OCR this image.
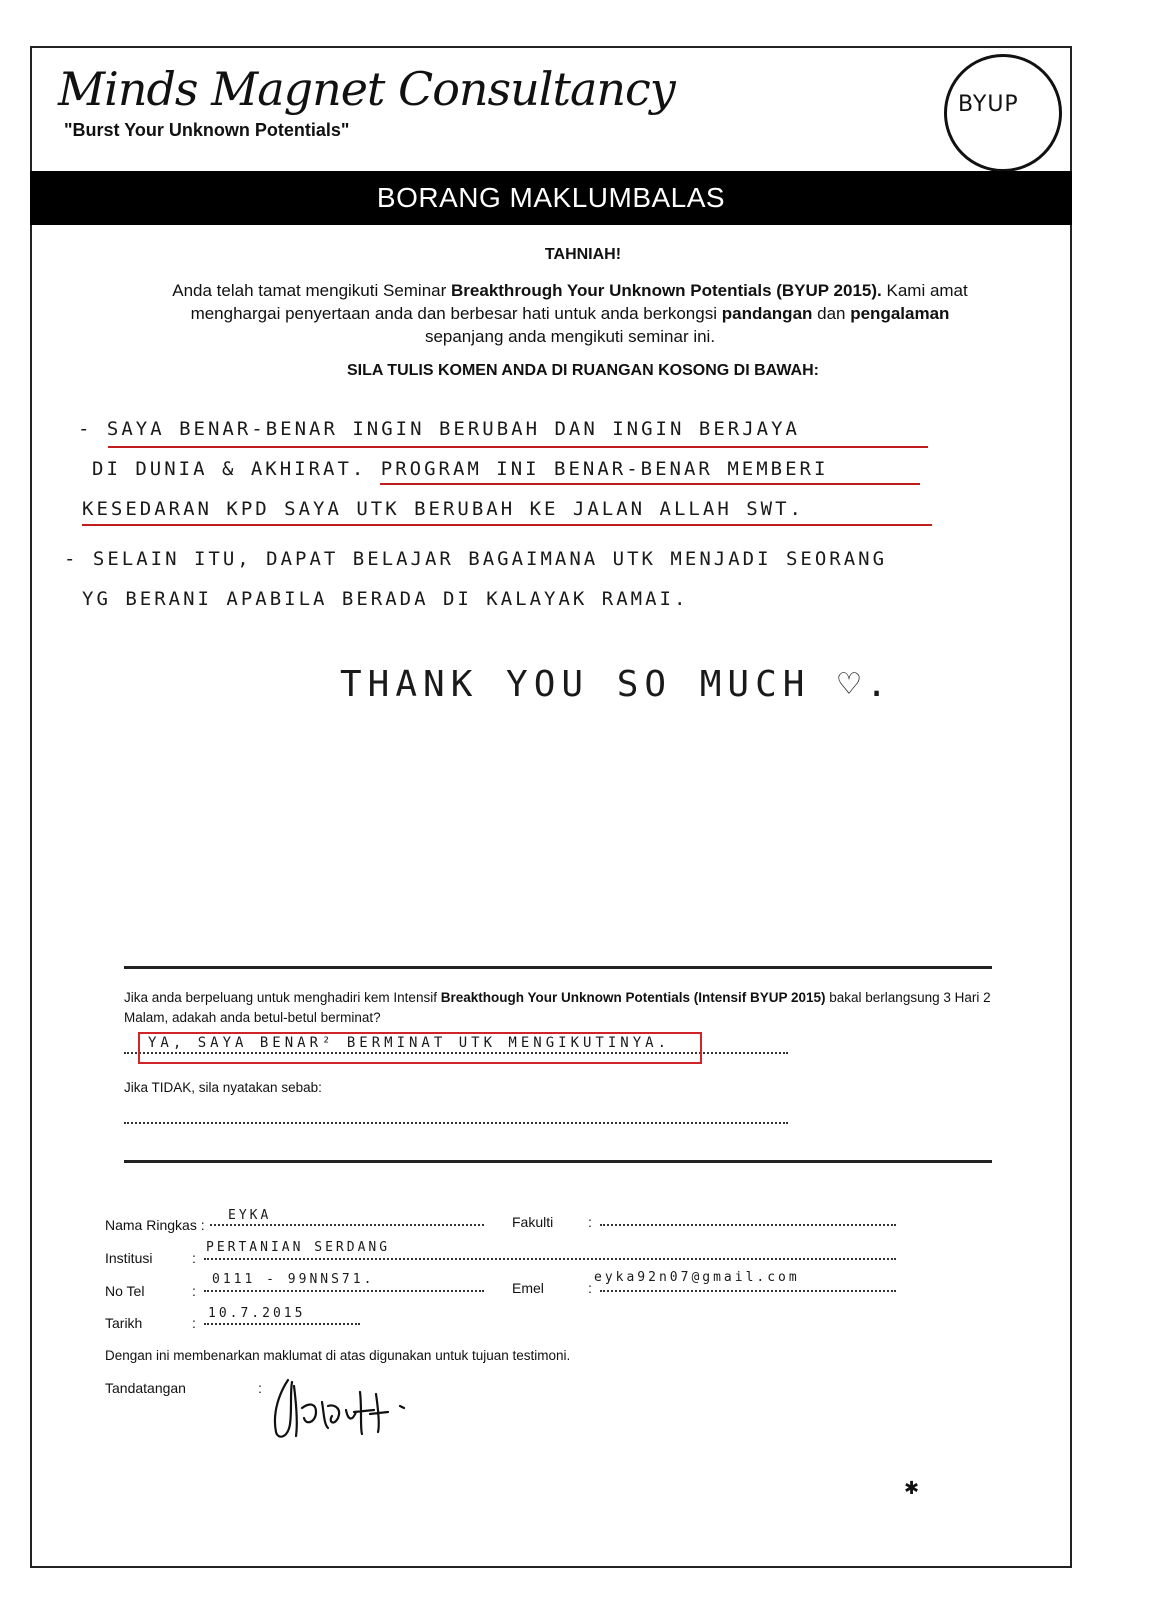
Minds Magnet Consultancy
"Burst Your Unknown Potentials"
BYUP
BORANG MAKLUMBALAS
TAHNIAH!
Anda telah tamat mengikuti Seminar Breakthrough Your Unknown Potentials (BYUP 2015). Kami amat menghargai penyertaan anda dan berbesar hati untuk anda berkongsi pandangan dan pengalaman sepanjang anda mengikuti seminar ini.
SILA TULIS KOMEN ANDA DI RUANGAN KOSONG DI BAWAH:
- SAYA BENAR-BENAR INGIN BERUBAH DAN INGIN BERJAYA
DI DUNIA & AKHIRAT. PROGRAM INI BENAR-BENAR MEMBERI
KESEDARAN KPD SAYA UTK BERUBAH KE JALAN ALLAH SWT.
- SELAIN ITU, DAPAT BELAJAR BAGAIMANA UTK MENJADI SEORANG
YG BERANI APABILA BERADA DI KALAYAK RAMAI.
THANK YOU SO MUCH ♡.
Jika anda berpeluang untuk menghadiri kem Intensif Breakthough Your Unknown Potentials (Intensif BYUP 2015) bakal berlangsung 3 Hari 2 Malam, adakah anda betul-betul berminat?
YA, SAYA BENAR² BERMINAT UTK MENGIKUTINYA.
Jika TIDAK, sila nyatakan sebab:
Nama Ringkas :
EYKA	Fakulti :
Institusi	:
PERTANIAN SERDANG
No Tel	:
0111 - 99NNS71.
Emel	:
eyka92n07@gmail.com
Tarikh	:
10.7.2015
Dengan ini membenarkan maklumat di atas digunakan untuk tujuan testimoni.
Tandatangan	:
✱
